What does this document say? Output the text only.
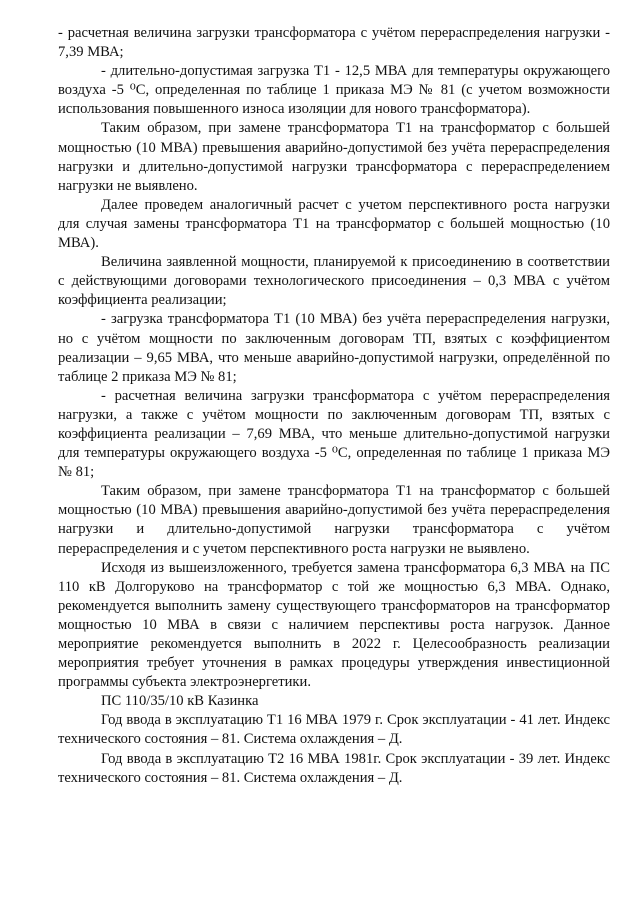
- расчетная величина загрузки трансформатора с учётом перераспределения нагрузки - 7,39 МВА;

- длительно-допустимая загрузка Т1 - 12,5 МВА для температуры окружающего воздуха -5 ⁰С, определенная по таблице 1 приказа МЭ № 81 (с учетом возможности использования повышенного износа изоляции для нового трансформатора).

Таким образом, при замене трансформатора Т1 на трансформатор с большей мощностью (10 МВА) превышения аварийно-допустимой без учёта перераспределения нагрузки и длительно-допустимой нагрузки трансформатора с перераспределением нагрузки не выявлено.

Далее проведем аналогичный расчет с учетом перспективного роста нагрузки для случая замены трансформатора Т1 на трансформатор с большей мощностью (10 МВА).

Величина заявленной мощности, планируемой к присоединению в соответствии с действующими договорами технологического присоединения – 0,3 МВА с учётом коэффициента реализации;

- загрузка трансформатора Т1 (10 МВА) без учёта перераспределения нагрузки, но с учётом мощности по заключенным договорам ТП, взятых с коэффициентом реализации – 9,65 МВА, что меньше аварийно-допустимой нагрузки, определённой по таблице 2 приказа МЭ № 81;

- расчетная величина загрузки трансформатора с учётом перераспределения нагрузки, а также с учётом мощности по заключенным договорам ТП, взятых с коэффициента реализации – 7,69 МВА, что меньше длительно-допустимой нагрузки для температуры окружающего воздуха -5 ⁰С, определенная по таблице 1 приказа МЭ № 81;

Таким образом, при замене трансформатора Т1 на трансформатор с большей мощностью (10 МВА) превышения аварийно-допустимой без учёта перераспределения нагрузки и длительно-допустимой нагрузки трансформатора с учётом перераспределения и с учетом перспективного роста нагрузки не выявлено.

Исходя из вышеизложенного, требуется замена трансформатора 6,3 МВА на ПС 110 кВ Долгоруково на трансформатор с той же мощностью 6,3 МВА. Однако, рекомендуется выполнить замену существующего трансформаторов на трансформатор мощностью 10 МВА в связи с наличием перспективы роста нагрузок. Данное мероприятие рекомендуется выполнить в 2022 г. Целесообразность реализации мероприятия требует уточнения в рамках процедуры утверждения инвестиционной программы субъекта электроэнергетики.

ПС 110/35/10 кВ Казинка

Год ввода в эксплуатацию Т1 16 МВА 1979 г. Срок эксплуатации - 41 лет. Индекс технического состояния – 81. Система охлаждения – Д.

Год ввода в эксплуатацию Т2 16 МВА 1981г. Срок эксплуатации - 39 лет. Индекс технического состояния – 81. Система охлаждения – Д.
